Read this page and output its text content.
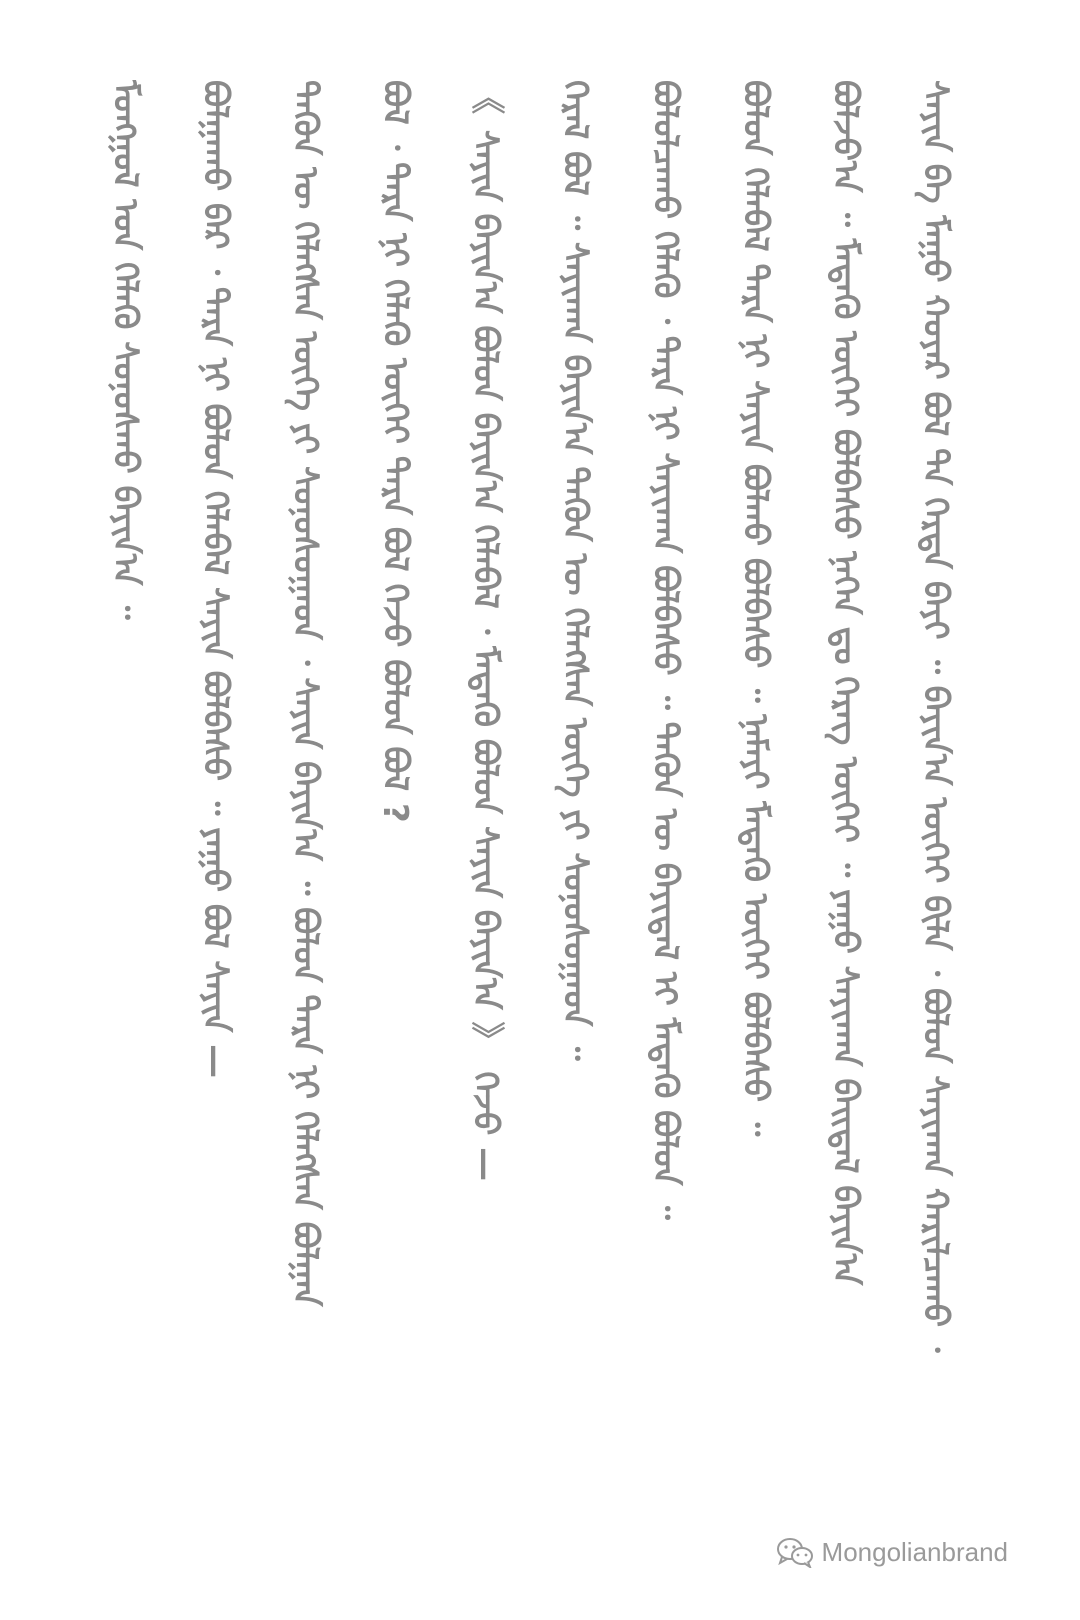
ᠰᠠᠶᠢᠨ ᠪᠠ ᠮᠠᠭᠤ ᠬᠣᠶᠠᠷ ᠪᠣᠯ ᠲᠠ ᠭᠡᠷᠲᠡ ᠪᠠᠶᠢ ᠃ ᠪᠠᠶᠢᠨ᠎ᠠ ᠦᠭᠡᠢ ᠪᠢᠯᠡ ᠂ ᠪᠣᠯᠤᠨ ᠰᠠᠶᠢᠬᠠᠨ ᠬᠠᠷᠢᠯᠴᠠᠬᠤ ᠂
ᠪᠣᠯᠵᠤ᠎ᠠ ᠃ ᠮᠡᠳᠡᠬᠦ ᠦᠭᠡᠢ ᠪᠣᠯᠪᠠᠰᠤ ᠨᠡᠬᠡᠨ ᠳᠤ ᠬᠡᠷᠡᠭ ᠦᠭᠡᠢ ᠃ ᠶᠠᠭᠤ ᠰᠠᠶᠢᠬᠠᠨ ᠪᠠᠢᠳᠠᠯ ᠪᠠᠶᠢᠨ᠎ᠠ
ᠪᠣᠯᠤᠨ ᠬᠡᠯᠡᠪᠡᠯ ᠲᠡᠷᠡ ᠨᠢ ᠰᠠᠶᠢᠨ ᠪᠣᠯᠬᠤ ᠪᠣᠯᠪᠠᠰᠤ ᠃ ᠨᠠᠮᠠᠶᠢ ᠮᠡᠳᠡᠬᠦ ᠦᠭᠡᠢ ᠪᠣᠯᠪᠠᠰᠤ ᠃
ᠪᠣᠯᠤᠯᠴᠠᠬᠤ ᠬᠡᠯᠡᠬᠦ ᠂ ᠲᠡᠷᠡ ᠨᠢ ᠰᠠᠶᠢᠬᠠᠨ ᠪᠣᠯᠪᠠᠰᠤ ᠃ ᠲᠡᠭᠦᠨ ᠦ ᠪᠠᠶᠢᠳᠠᠯ ᠢ ᠮᠡᠳᠡᠬᠦ ᠪᠣᠯᠤᠨ ᠃
ᠭᠡᠷᠡᠯ ᠪᠣᠯ ᠃ ᠰᠠᠶᠢᠬᠠᠨ ᠪᠠᠶᠢᠨ᠎ᠠ ᠲᠡᠭᠦᠨ ᠦ ᠬᠡᠯᠡᠭᠰᠡᠨ ᠦᠭᠡ ᠶᠢ ᠰᠣᠨᠣᠰᠣᠭᠠᠳ ᠃
《 ᠰᠠᠶᠢᠨ ᠪᠠᠶᠢᠨ᠎ᠠ ᠪᠣᠯᠤᠨ ᠪᠠᠶᠢᠨ᠎ᠠ ᠬᠡᠯᠡᠪᠡᠯ ᠂ ᠮᠡᠳᠡᠬᠦ ᠪᠣᠯᠤᠨ ᠰᠠᠶᠢᠨ ᠪᠠᠶᠢᠨ᠎ᠠ 》 ᠭᠡᠵᠦ —
ᠪᠣᠯ ᠂ ᠲᠡᠷᠡ ᠨᠢ ᠬᠡᠯᠡᠬᠦ ᠦᠭᠡᠢ ᠲᠡᠷᠡ ᠪᠣᠯ ᠭᠡᠵᠦ ᠪᠣᠯᠤᠨ ᠪᠣᠯ ?
ᠲᠡᠭᠦᠨ ᠦ ᠬᠡᠯᠡᠭᠰᠡᠨ ᠦᠭᠡ ᠶᠢ ᠰᠣᠨᠣᠰᠤᠭᠠᠳ ᠂ ᠰᠠᠶᠢᠨ ᠪᠠᠶᠢᠨ᠎ᠠ ᠃ ᠪᠣᠯᠤᠨ ᠲᠡᠷᠡ ᠨᠢ ᠬᠡᠯᠡᠭᠰᠡᠨ ᠪᠣᠯᠭᠠᠨ
ᠪᠣᠯᠭᠠᠬᠤ ᠪᠠᠷ ᠂ ᠲᠡᠷᠡ ᠨᠢ ᠪᠣᠯᠤᠨ ᠬᠡᠯᠡᠪᠡᠯ ᠰᠠᠶᠢᠨ ᠪᠣᠯᠪᠠᠰᠤ ᠃ ᠶᠠᠭᠤ ᠪᠣᠯ ᠰᠠᠶᠢᠨ —
ᠮᠣᠩᠭᠣᠯ ᠤᠨ ᠬᠡᠯᠡᠬᠦ ᠰᠣᠨᠣᠰᠬᠤ ᠪᠠᠶᠢᠨ᠎ᠠ ᠃
Mongolianbrand
